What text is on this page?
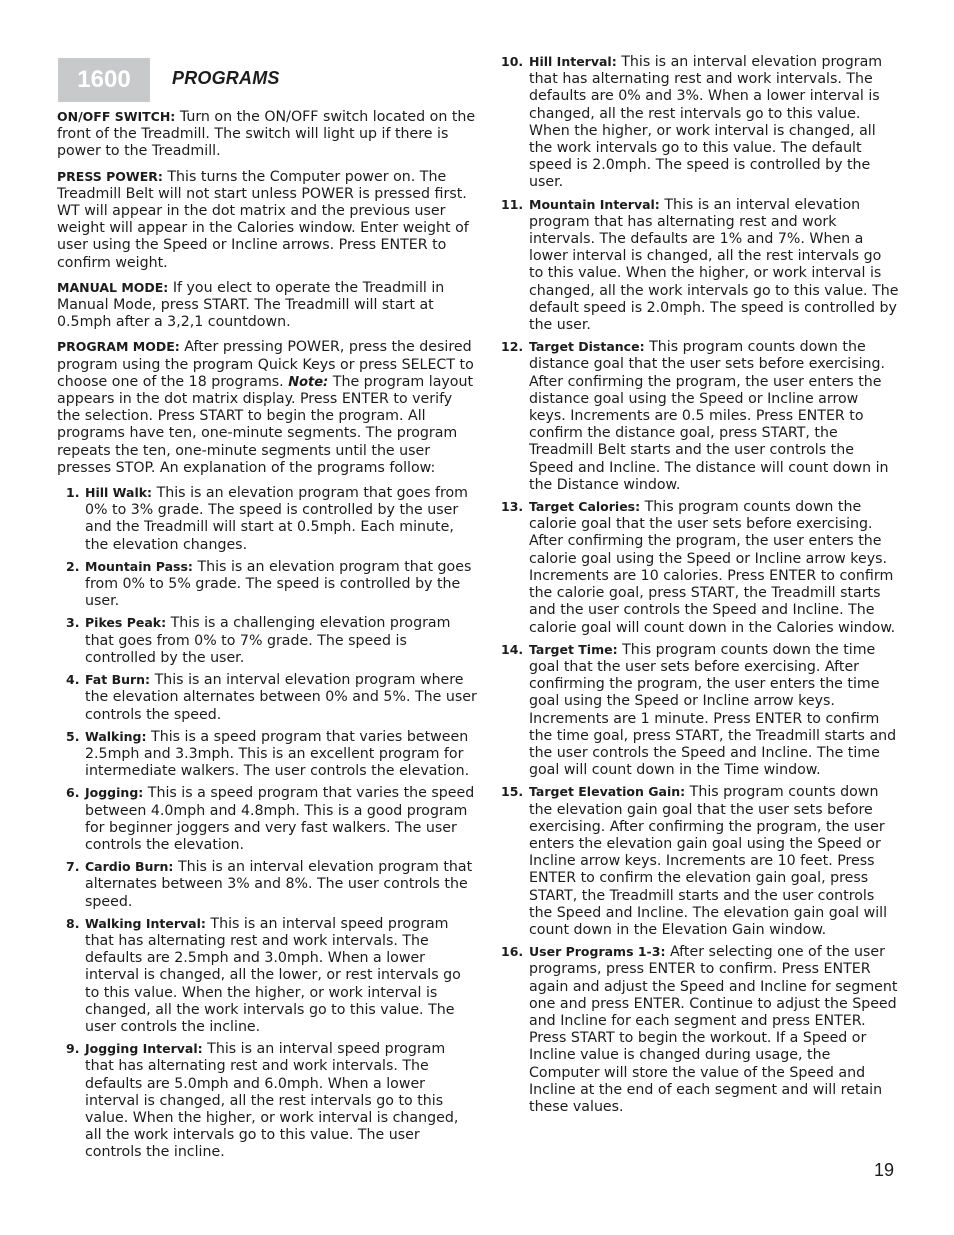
1600	PROGRAMS

ON/OFF SWITCH: Turn on the ON/OFF switch located on the front of the Treadmill. The switch will light up if there is power to the Treadmill.

PRESS POWER: This turns the Computer power on. The Treadmill Belt will not start unless POWER is pressed first. WT will appear in the dot matrix and the previous user weight will appear in the Calories window. Enter weight of user using the Speed or Incline arrows. Press ENTER to confirm weight.

MANUAL MODE: If you elect to operate the Treadmill in Manual Mode, press START. The Treadmill will start at 0.5mph after a 3,2,1 countdown.

PROGRAM MODE: After pressing POWER, press the desired program using the program Quick Keys or press SELECT to choose one of the 18 programs. Note: The program layout appears in the dot matrix display. Press ENTER to verify the selection. Press START to begin the program. All programs have ten, one-minute segments. The program repeats the ten, one-minute segments until the user presses STOP. An explanation of the programs follow:

1. Hill Walk: This is an elevation program that goes from 0% to 3% grade. The speed is controlled by the user and the Treadmill will start at 0.5mph. Each minute, the elevation changes.
2. Mountain Pass: This is an elevation program that goes from 0% to 5% grade. The speed is controlled by the user.
3. Pikes Peak: This is a challenging elevation program that goes from 0% to 7% grade. The speed is controlled by the user.
4. Fat Burn: This is an interval elevation program where the elevation alternates between 0% and 5%. The user controls the speed.
5. Walking: This is a speed program that varies between 2.5mph and 3.3mph. This is an excellent program for intermediate walkers. The user controls the elevation.
6. Jogging: This is a speed program that varies the speed between 4.0mph and 4.8mph. This is a good program for beginner joggers and very fast walkers. The user controls the elevation.
7. Cardio Burn: This is an interval elevation program that alternates between 3% and 8%. The user controls the speed.
8. Walking Interval: This is an interval speed program that has alternating rest and work intervals. The defaults are 2.5mph and 3.0mph. When a lower interval is changed, all the lower, or rest intervals go to this value. When the higher, or work interval is changed, all the work intervals go to this value. The user controls the incline.
9. Jogging Interval: This is an interval speed program that has alternating rest and work intervals. The defaults are 5.0mph and 6.0mph. When a lower interval is changed, all the rest intervals go to this value. When the higher, or work interval is changed, all the work intervals go to this value. The user controls the incline.
10. Hill Interval: This is an interval elevation program that has alternating rest and work intervals. The defaults are 0% and 3%. When a lower interval is changed, all the rest intervals go to this value. When the higher, or work interval is changed, all the work intervals go to this value. The default speed is 2.0mph. The speed is controlled by the user.
11. Mountain Interval: This is an interval elevation program that has alternating rest and work intervals. The defaults are 1% and 7%. When a lower interval is changed, all the rest intervals go to this value. When the higher, or work interval is changed, all the work intervals go to this value. The default speed is 2.0mph. The speed is controlled by the user.
12. Target Distance: This program counts down the distance goal that the user sets before exercising. After confirming the program, the user enters the distance goal using the Speed or Incline arrow keys. Increments are 0.5 miles. Press ENTER to confirm the distance goal, press START, the Treadmill Belt starts and the user controls the Speed and Incline. The distance will count down in the Distance window.
13. Target Calories: This program counts down the calorie goal that the user sets before exercising. After confirming the program, the user enters the calorie goal using the Speed or Incline arrow keys. Increments are 10 calories. Press ENTER to confirm the calorie goal, press START, the Treadmill starts and the user controls the Speed and Incline. The calorie goal will count down in the Calories window.
14. Target Time: This program counts down the time goal that the user sets before exercising. After confirming the program, the user enters the time goal using the Speed or Incline arrow keys. Increments are 1 minute. Press ENTER to confirm the time goal, press START, the Treadmill starts and the user controls the Speed and Incline. The time goal will count down in the Time window.
15. Target Elevation Gain: This program counts down the elevation gain goal that the user sets before exercising. After confirming the program, the user enters the elevation gain goal using the Speed or Incline arrow keys. Increments are 10 feet. Press ENTER to confirm the elevation gain goal, press START, the Treadmill starts and the user controls the Speed and Incline. The elevation gain goal will count down in the Elevation Gain window.
16. User Programs 1-3: After selecting one of the user programs, press ENTER to confirm. Press ENTER again and adjust the Speed and Incline for segment one and press ENTER. Continue to adjust the Speed and Incline for each segment and press ENTER. Press START to begin the workout. If a Speed or Incline value is changed during usage, the Computer will store the value of the Speed and Incline at the end of each segment and will retain these values.
19
